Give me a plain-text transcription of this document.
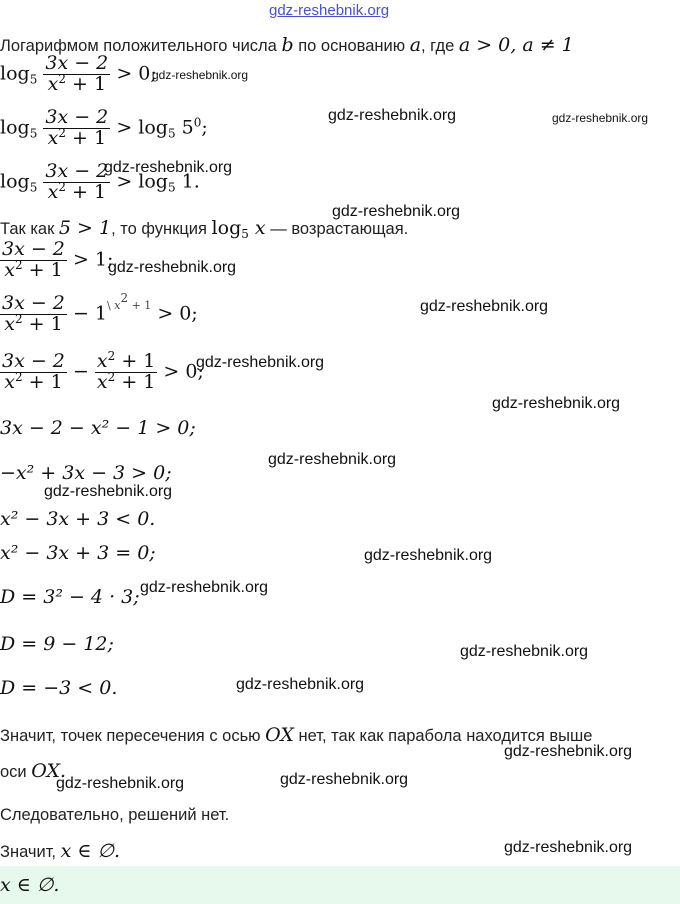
gdz-reshebnik.org
Логарифмом положительного числа b по основанию a, где a > 0, a ≠ 1
$\log_5 \frac{3x - 2}{x^2 + 1} > 0$;
gdz-reshebnik.org
$\log_5 \frac{3x - 2}{x^2 + 1} > \log_5 5^0$;
gdz-reshebnik.org	gdz-reshebnik.org
$\log_5 \frac{3x - 2}{x^2 + 1} > \log_5 1$.
gdz-reshebnik.org
gdz-reshebnik.org
Так как 5 > 1, то функция $\log_5 x$ — возрастающая.
$\frac{3x - 2}{x^2 + 1} > 1$;
gdz-reshebnik.org
$\frac{3x - 2}{x^2 + 1} - 1^{\backslash x^2 + 1} > 0$;	gdz-reshebnik.org
$\frac{3x - 2}{x^2 + 1} - \frac{x^2 + 1}{x^2 + 1} > 0$;
gdz-reshebnik.org
gdz-reshebnik.org
3x − 2 − x² − 1 > 0;
gdz-reshebnik.org
−x² + 3x − 3 > 0;
gdz-reshebnik.org
x² − 3x + 3 < 0.
x² − 3x + 3 = 0;	gdz-reshebnik.org
D = 3² − 4 · 3; gdz-reshebnik.org
D = 9 − 12;	gdz-reshebnik.org
D = −3 < 0.	gdz-reshebnik.org
Значит, точек пересечения с осью OX нет, так как парабола находится выше
gdz-reshebnik.org
оси OX.
gdz-reshebnik.org	gdz-reshebnik.org
Следовательно, решений нет.
Значит, x ∈ ∅.	gdz-reshebnik.org
x ∈ ∅.
